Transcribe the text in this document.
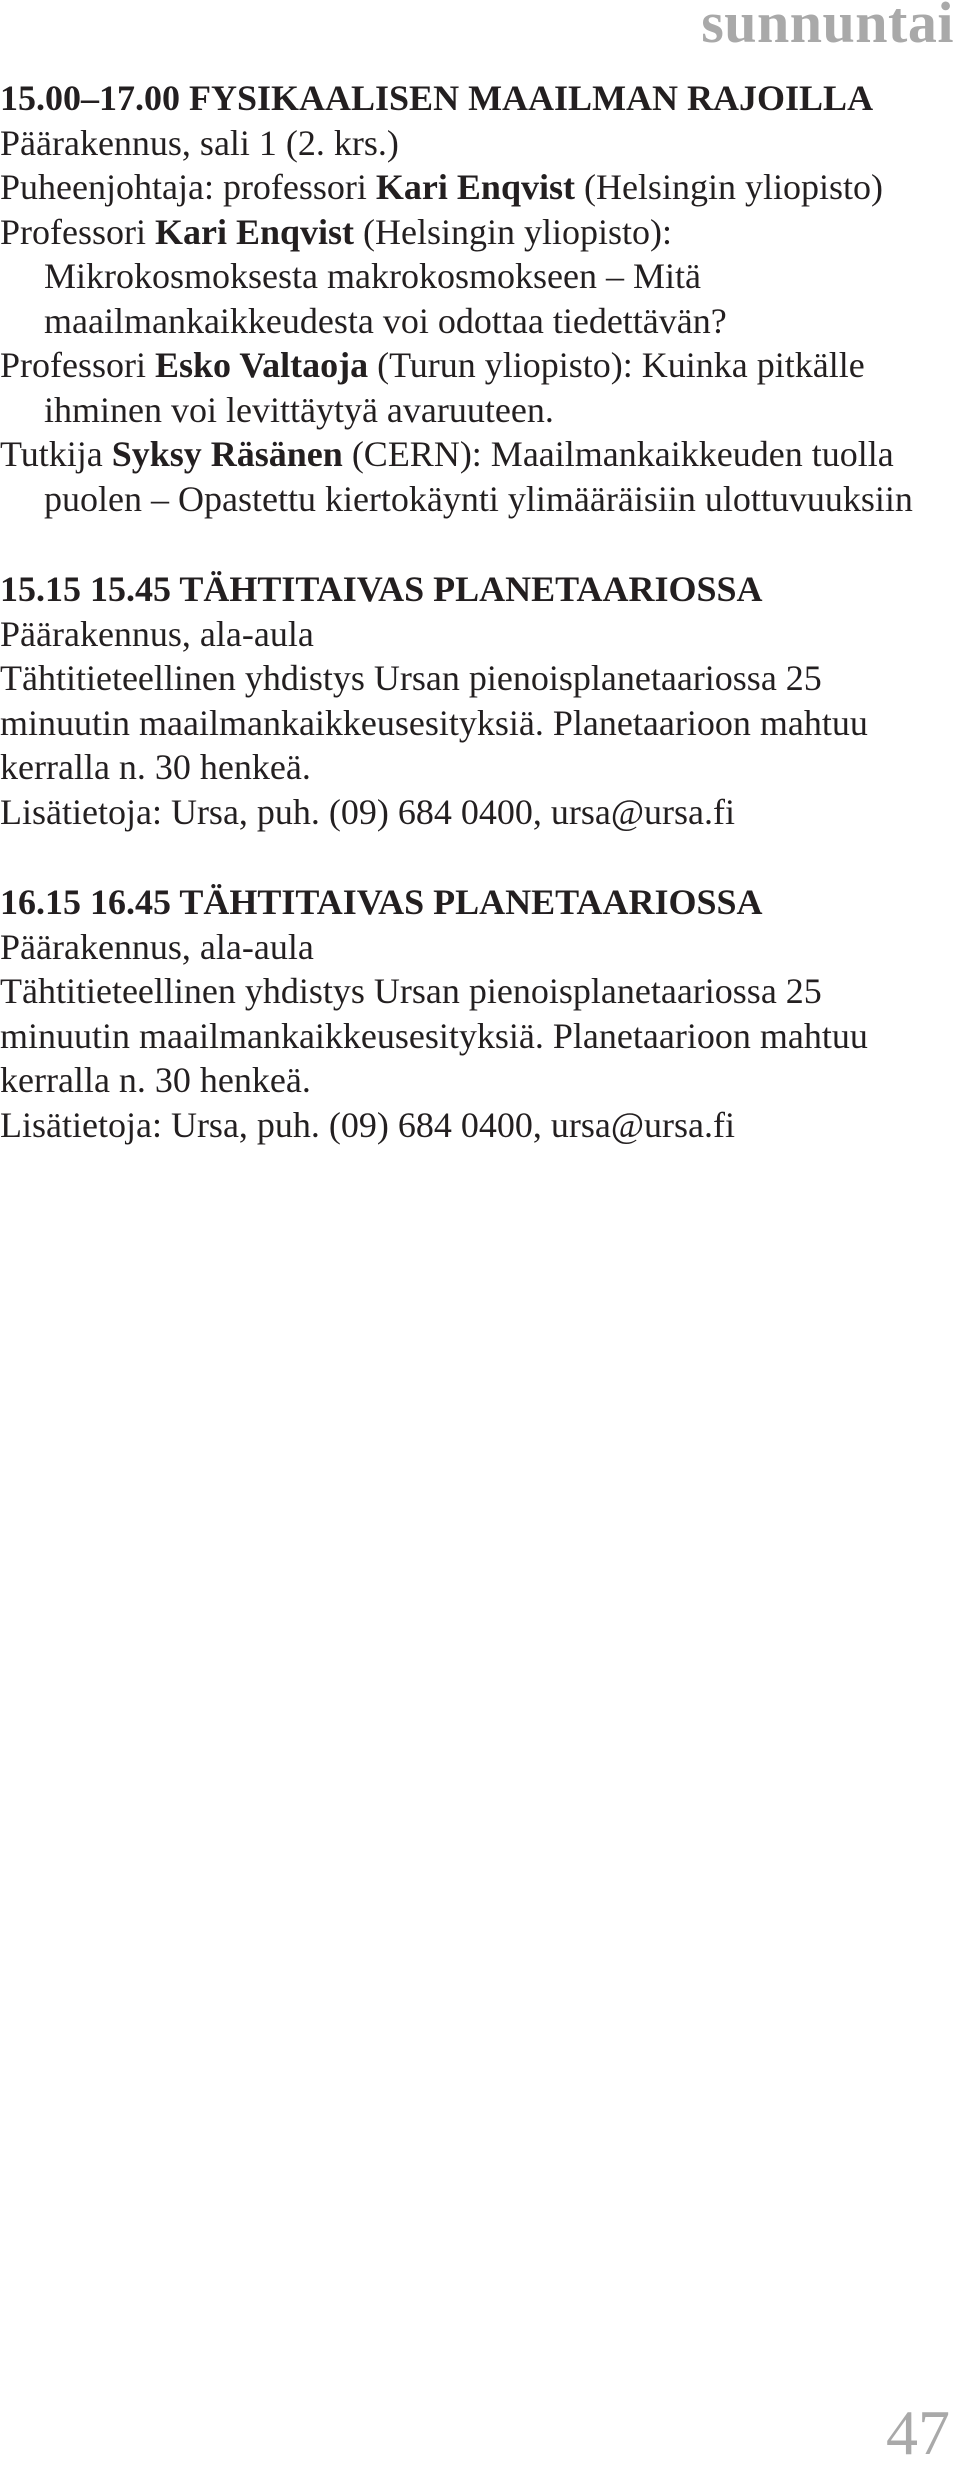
sunnuntai
15.00–17.00 FYSIKAALISEN MAAILMAN RAJOILLA

Päärakennus, sali 1 (2. krs.)

Puheenjohtaja: professori Kari Enqvist (Helsingin yliopisto)

Professori Kari Enqvist (Helsingin yliopisto): Mikrokosmoksesta makrokosmokseen – Mitä maailmankaikkeudesta voi odottaa tiedettävän?

Professori Esko Valtaoja (Turun yliopisto): Kuinka pitkälle ihminen voi levittäytyä avaruuteen.

Tutkija Syksy Räsänen (CERN): Maailmankaikkeuden tuolla puolen – Opastettu kiertokäynti ylimääräisiin ulottuvuuksiin

15.15 15.45 TÄHTITAIVAS PLANETAARIOSSA

Päärakennus, ala-aula

Tähtitieteellinen yhdistys Ursan pienoisplanetaariossa 25 minuutin maailmankaikkeusesityksiä. Planetaarioon mahtuu kerralla n. 30 henkeä.

Lisätietoja: Ursa, puh. (09) 684 0400, ursa@ursa.fi

16.15 16.45 TÄHTITAIVAS PLANETAARIOSSA

Päärakennus, ala-aula

Tähtitieteellinen yhdistys Ursan pienoisplanetaariossa 25 minuutin maailmankaikkeusesityksiä. Planetaarioon mahtuu kerralla n. 30 henkeä.

Lisätietoja: Ursa, puh. (09) 684 0400, ursa@ursa.fi

47
